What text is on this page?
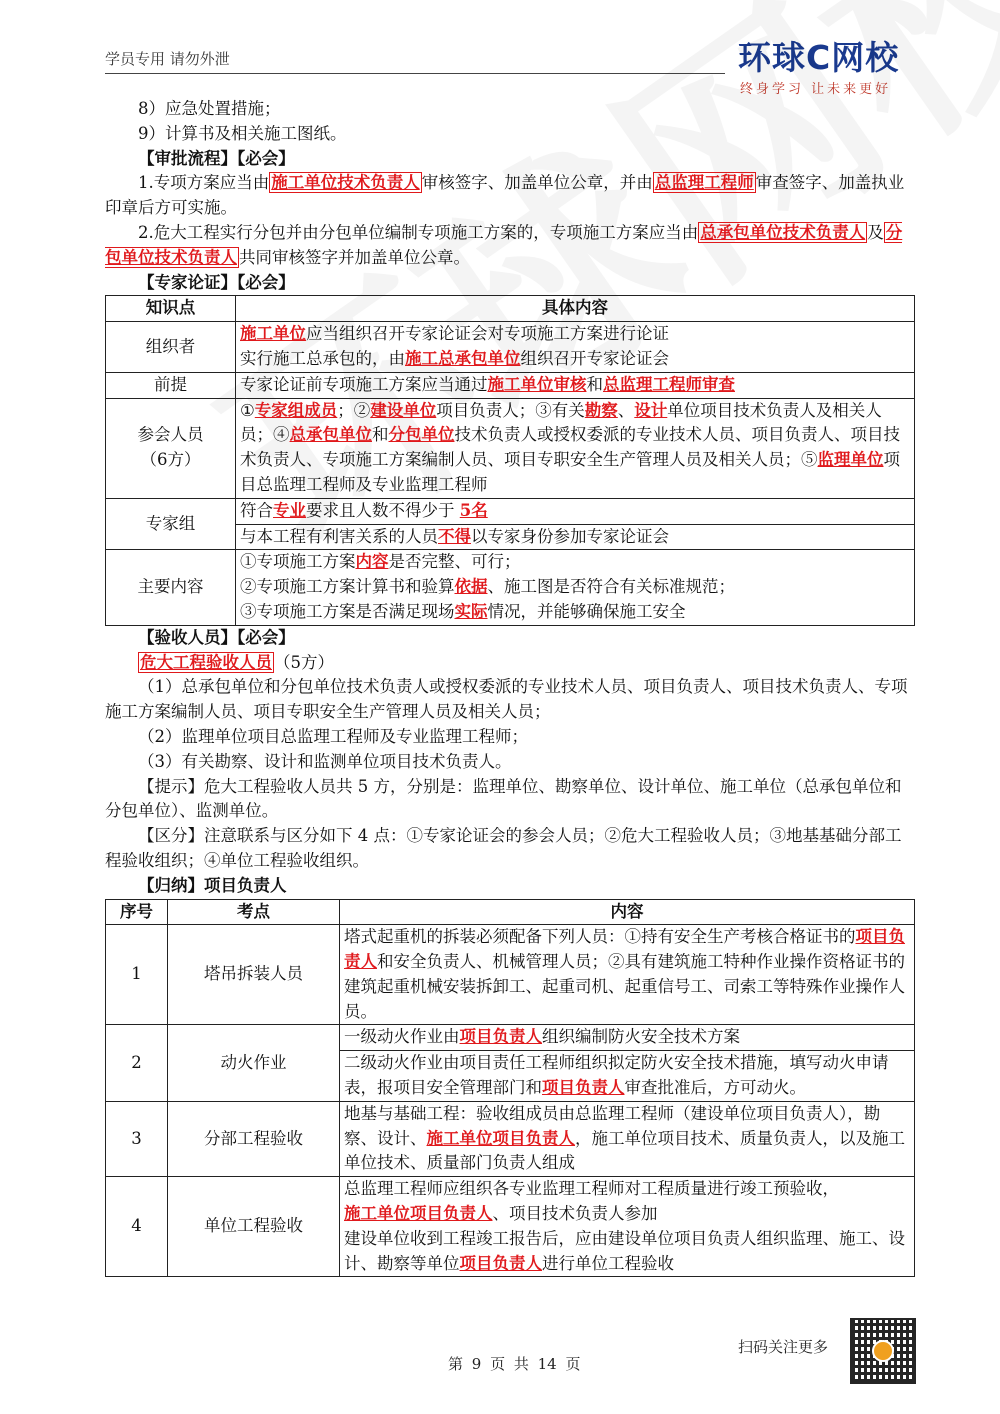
学员专用 请勿外泄	环球C网校
终身学习 让未来更好

8）应急处置措施；

9）计算书及相关施工图纸。

【审批流程】【必会】

1.专项方案应当由 施工单位技术负责人 审核签字、加盖单位公章，并由 总监理工程师 审查签字、加盖执业印章后方可实施。

2.危大工程实行分包并由分包单位编制专项施工方案的，专项施工方案应当由 总承包单位技术负责人 及 分包单位技术负责人 共同审核签字并加盖单位公章。

【专家论证】【必会】

知识点	具体内容
组织者	施工单位应当组织召开专家论证会对专项施工方案进行论证
实行施工总承包的，由施工总承包单位组织召开专家论证会

前提	专家论证前专项施工方案应当通过施工单位审核和总监理工程师审查

参会人员
（6方）	①专家组成员；②建设单位项目负责人；③有关勘察、设计单位项目技术负责人及相关人员；④总承包单位和分包单位技术负责人或授权委派的专业技术人员、项目负责人、项目技术负责人、专项施工方案编制人员、项目专职安全生产管理人员及相关人员；⑤监理单位项目总监理工程师及专业监理工程师
专家组	符合专业要求且人数不得少于 5名
与本工程有利害关系的人员不得以专家身份参加专家论证会

主要内容	①专项施工方案内容是否完整、可行；
②专项施工方案计算书和验算依据、施工图是否符合有关标准规范；
③专项施工方案是否满足现场实际情况，并能够确保施工安全

【验收人员】【必会】

危大工程验收人员 （5方）

（1）总承包单位和分包单位技术负责人或授权委派的专业技术人员、项目负责人、项目技术负责人、专项施工方案编制人员、项目专职安全生产管理人员及相关人员；

（2）监理单位项目总监理工程师及专业监理工程师；

（3）有关勘察、设计和监测单位项目技术负责人。

【提示】危大工程验收人员共 5 方，分别是：监理单位、勘察单位、设计单位、施工单位（总承包单位和分包单位）、监测单位。

【区分】注意联系与区分如下 4 点：①专家论证会的参会人员；②危大工程验收人员；③地基基础分部工程验收组织；④单位工程验收组织。

【归纳】项目负责人

序号	考点	内容
1	塔吊拆装人员	塔式起重机的拆装必须配备下列人员：①持有安全生产考核合格证书的项目负责人和安全负责人、机械管理人员；②具有建筑施工特种作业操作资格证书的建筑起重机械安装拆卸工、起重司机、起重信号工、司索工等特殊作业操作人员。
2	动火作业	一级动火作业由项目负责人组织编制防火安全技术方案
二级动火作业由项目责任工程师组织拟定防火安全技术措施，填写动火申请表，报项目安全管理部门和项目负责人审查批准后，方可动火。

3	分部工程验收	地基与基础工程：验收组成员由总监理工程师（建设单位项目负责人），勘察、设计、施工单位项目负责人，施工单位项目技术、质量负责人，以及施工单位技术、质量部门负责人组成
4	单位工程验收	总监理工程师应组织各专业监理工程师对工程质量进行竣工预验收，
施工单位项目负责人、项目技术负责人参加
建设单位收到工程竣工报告后，应由建设单位项目负责人组织监理、施工、设计、勘察等单位项目负责人进行单位工程验收
扫码关注更多
第 9 页 共 14 页
